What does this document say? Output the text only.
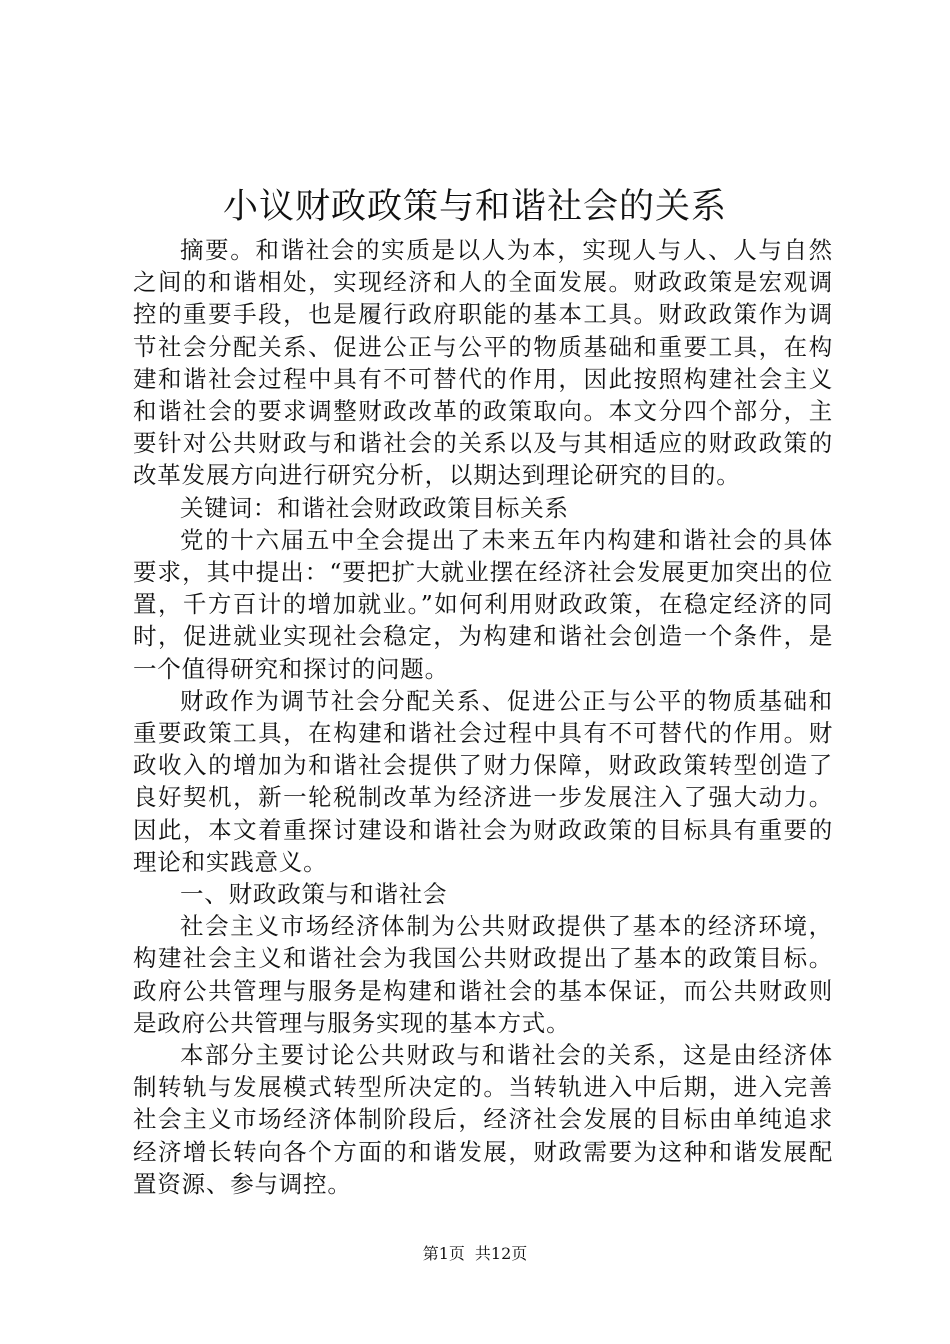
小议财政政策与和谐社会的关系

摘要。和谐社会的实质是以人为本，实现人与人、人与自然之间的和谐相处，实现经济和人的全面发展。财政政策是宏观调控的重要手段，也是履行政府职能的基本工具。财政政策作为调节社会分配关系、促进公正与公平的物质基础和重要工具，在构建和谐社会过程中具有不可替代的作用，因此按照构建社会主义和谐社会的要求调整财政改革的政策取向。本文分四个部分，主要针对公共财政与和谐社会的关系以及与其相适应的财政政策的改革发展方向进行研究分析，以期达到理论研究的目的。

关键词：和谐社会财政政策目标关系

党的十六届五中全会提出了未来五年内构建和谐社会的具体要求，其中提出：“要把扩大就业摆在经济社会发展更加突出的位置，千方百计的增加就业。”如何利用财政政策，在稳定经济的同时，促进就业实现社会稳定，为构建和谐社会创造一个条件，是一个值得研究和探讨的问题。

财政作为调节社会分配关系、促进公正与公平的物质基础和重要政策工具，在构建和谐社会过程中具有不可替代的作用。财政收入的增加为和谐社会提供了财力保障，财政政策转型创造了良好契机，新一轮税制改革为经济进一步发展注入了强大动力。因此，本文着重探讨建设和谐社会为财政政策的目标具有重要的理论和实践意义。

一、财政政策与和谐社会

社会主义市场经济体制为公共财政提供了基本的经济环境，构建社会主义和谐社会为我国公共财政提出了基本的政策目标。政府公共管理与服务是构建和谐社会的基本保证，而公共财政则是政府公共管理与服务实现的基本方式。

本部分主要讨论公共财政与和谐社会的关系，这是由经济体制转轨与发展模式转型所决定的。当转轨进入中后期，进入完善社会主义市场经济体制阶段后，经济社会发展的目标由单纯追求经济增长转向各个方面的和谐发展，财政需要为这种和谐发展配置资源、参与调控。

第1页 共12页
